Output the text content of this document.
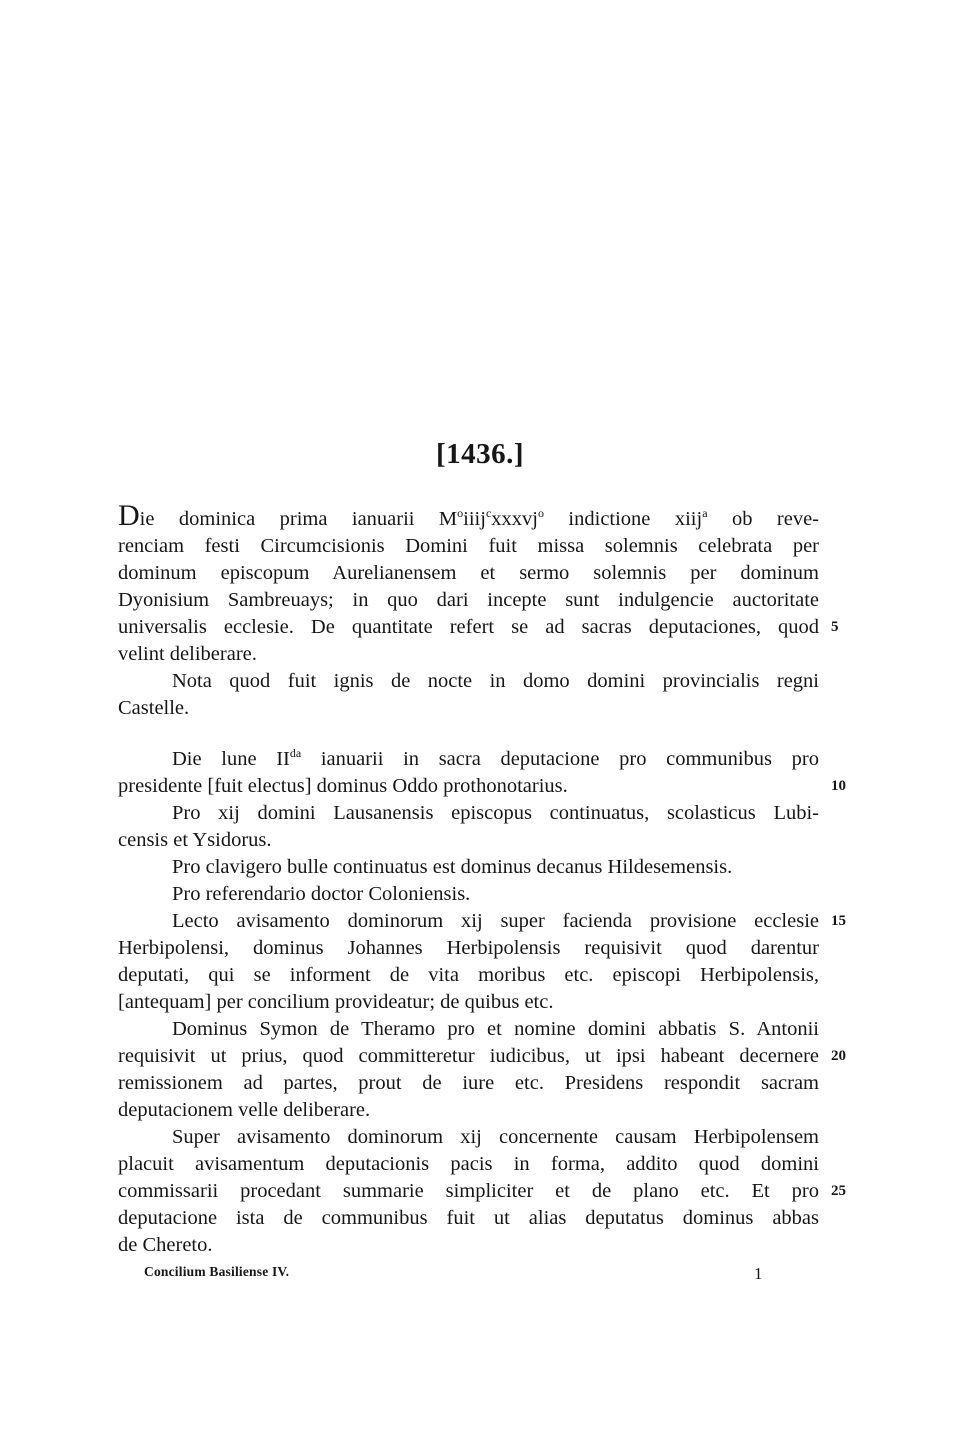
[1436.]
Die dominica prima ianuarii $M^oiiij^cxxxvj^o$ indictione xiij$^a$ ob reve-
renciam festi Circumcisionis Domini fuit missa solemnis celebrata per
dominum episcopum Aurelianensem et sermo solemnis per dominum
Dyonisium Sambreuays; in quo dari incepte sunt indulgencie auctoritate
universalis ecclesie. De quantitate refert se ad sacras deputaciones, quod
velint deliberare.
Nota quod fuit ignis de nocte in domo domini provincialis regni
Castelle.
Die lune $II^{da}$ ianuarii in sacra deputacione pro communibus pro
presidente [fuit electus] dominus Oddo prothonotarius.
Pro xij domini Lausanensis episcopus continuatus, scolasticus Lubi-
censis et Ysidorus.
Pro clavigero bulle continuatus est dominus decanus Hildesemensis.
Pro referendario doctor Coloniensis.
Lecto avisamento dominorum xij super facienda provisione ecclesie
Herbipolensi, dominus Johannes Herbipolensis requisivit quod darentur
deputati, qui se informent de vita moribus etc. episcopi Herbipolensis,
[antequam] per concilium provideatur; de quibus etc.
Dominus Symon de Theramo pro et nomine domini abbatis S. Antonii
requisivit ut prius, quod committeretur iudicibus, ut ipsi habeant decernere
remissionem ad partes, prout de iure etc. Presidens respondit sacram
deputacionem velle deliberare.
Super avisamento dominorum xij concernente causam Herbipolensem
placuit avisamentum deputacionis pacis in forma, addito quod domini
commissarii procedant summarie simpliciter et de plano etc. Et pro
deputacione ista de communibus fuit ut alias deputatus dominus abbas
de Chereto.
5
10
15
20
25
Concilium Basiliense IV.	1
